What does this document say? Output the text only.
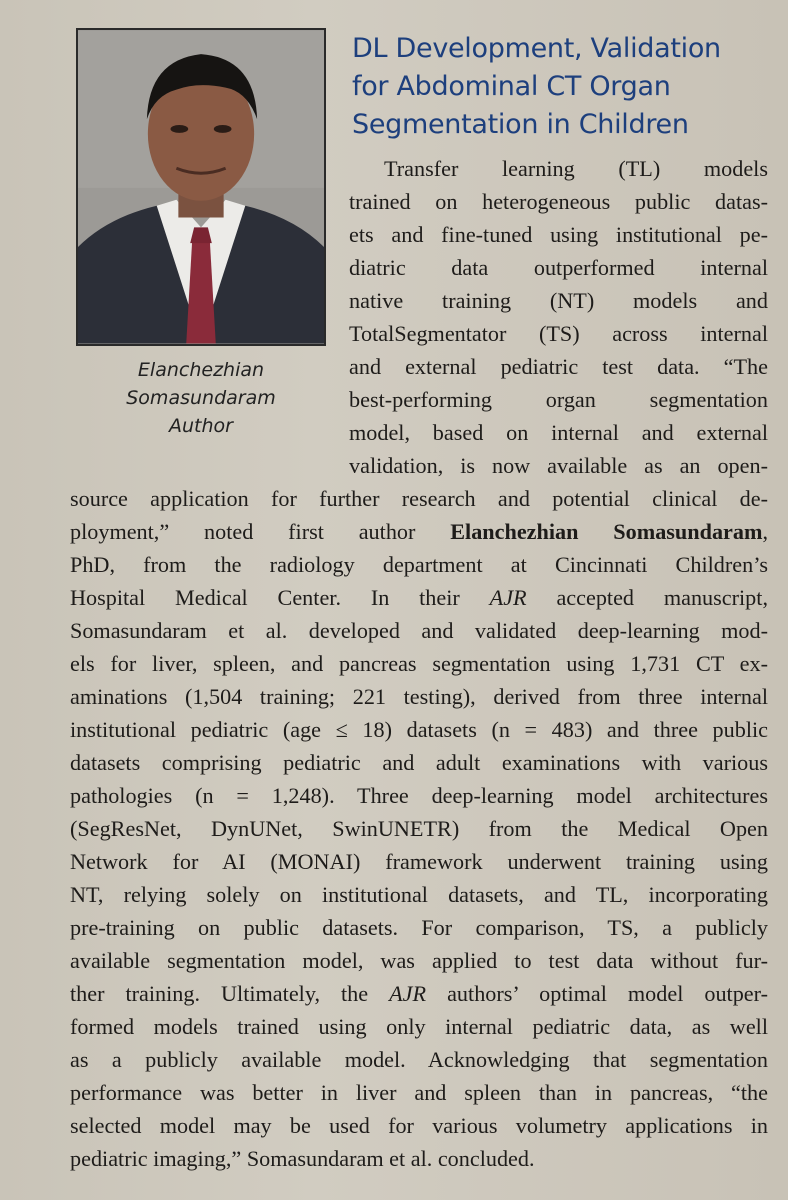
Elanchezhian
Somasundaram
Author
DL Development, Validation
for Abdominal CT Organ
Segmentation in Children
Transfer learning (TL) models
trained on heterogeneous public datas-
ets and fine-tuned using institutional pe-
diatric data outperformed internal
native training (NT) models and
TotalSegmentator (TS) across internal
and external pediatric test data. “The
best-performing organ segmentation
model, based on internal and external
validation, is now available as an open-
source application for further research and potential clinical de-
ployment,” noted first author Elanchezhian Somasundaram,
PhD, from the radiology department at Cincinnati Children’s
Hospital Medical Center. In their AJR accepted manuscript,
Somasundaram et al. developed and validated deep-learning mod-
els for liver, spleen, and pancreas segmentation using 1,731 CT ex-
aminations (1,504 training; 221 testing), derived from three internal
institutional pediatric (age ≤ 18) datasets (n = 483) and three public
datasets comprising pediatric and adult examinations with various
pathologies (n = 1,248). Three deep-learning model architectures
(SegResNet, DynUNet, SwinUNETR) from the Medical Open
Network for AI (MONAI) framework underwent training using
NT, relying solely on institutional datasets, and TL, incorporating
pre-training on public datasets. For comparison, TS, a publicly
available segmentation model, was applied to test data without fur-
ther training. Ultimately, the AJR authors’ optimal model outper-
formed models trained using only internal pediatric data, as well
as a publicly available model. Acknowledging that segmentation
performance was better in liver and spleen than in pancreas, “the
selected model may be used for various volumetry applications in
pediatric imaging,” Somasundaram et al. concluded.
